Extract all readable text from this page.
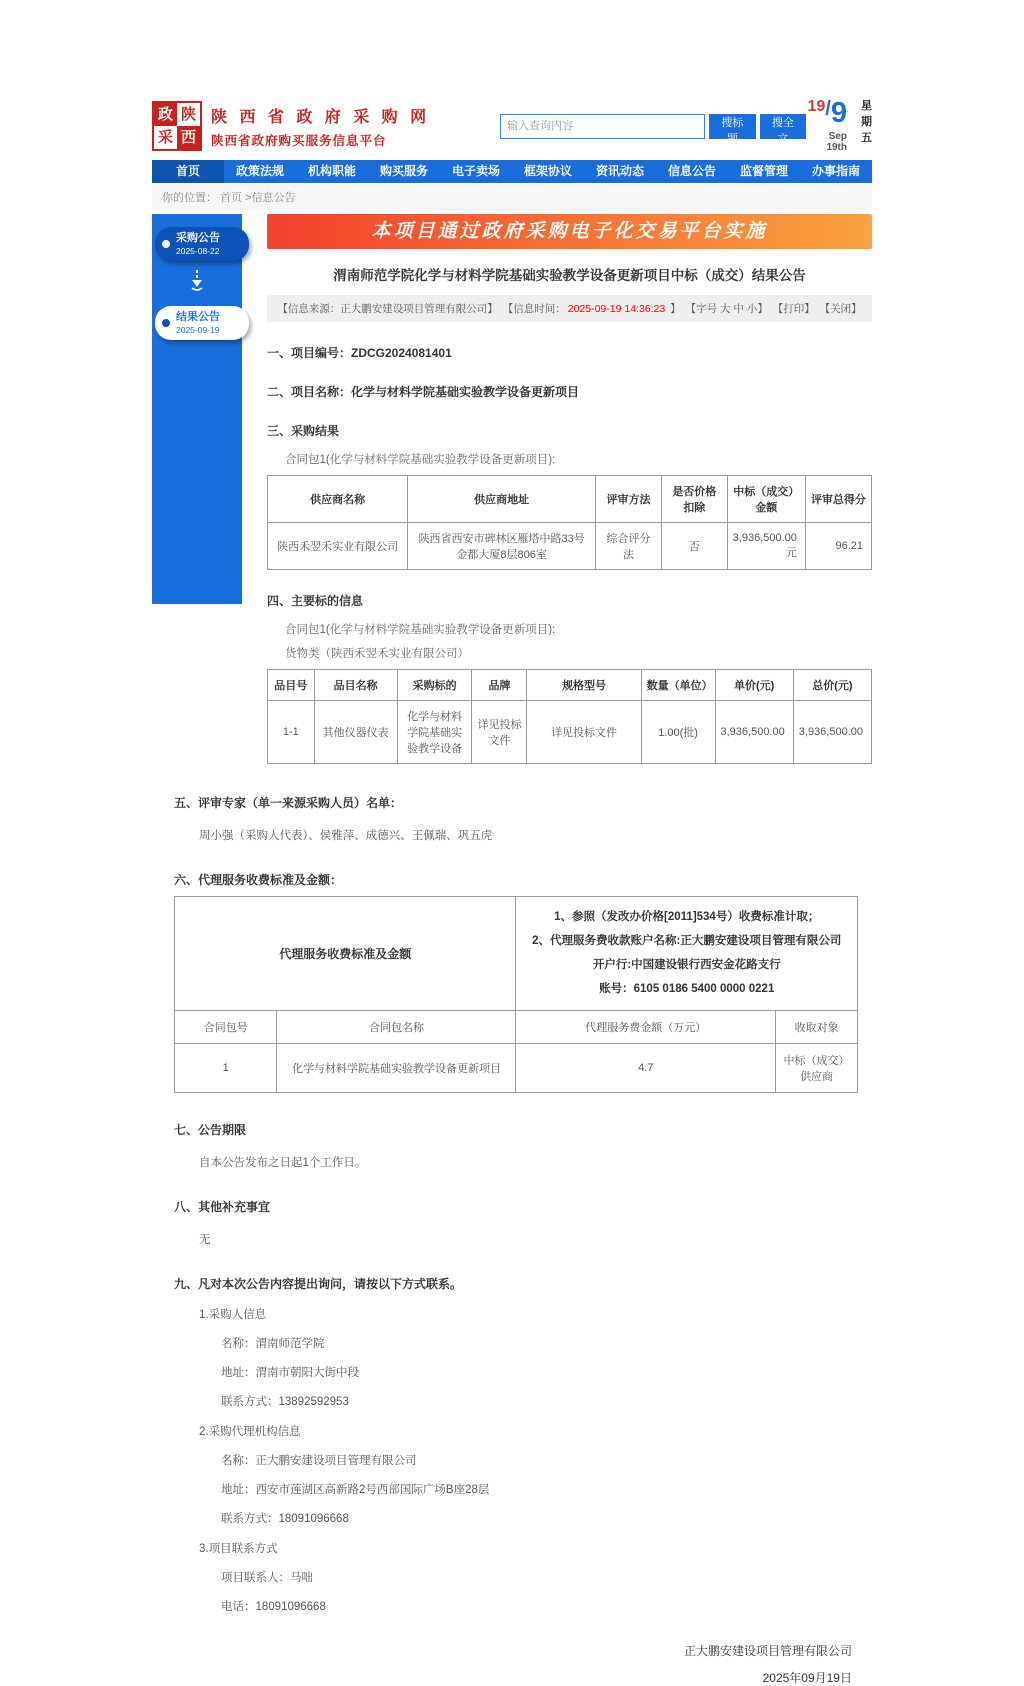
政 陕
采 西
陕 西 省 政 府 采 购 网
陕西省政府购买服务信息平台
输入查询内容
搜标题
搜全文
19/9
Sep 19th
星
期
五
首页	政策法规	机构职能	购买服务	电子卖场	框架协议	资讯动态	信息公告	监督管理	办事指南
你的位置： 首页 >信息公告
采购公告
2025-08-22
结果公告
2025-09-19
本项目通过政府采购电子化交易平台实施
渭南师范学院化学与材料学院基础实验教学设备更新项目中标（成交）结果公告
【信息来源：正大鹏安建设项目管理有限公司】 【信息时间： 2025-09-19 14:36:23 】 【字号 大 中 小】 【打印】 【关闭】
一、项目编号：ZDCG2024081401
二、项目名称：化学与材料学院基础实验教学设备更新项目
三、采购结果
合同包1(化学与材料学院基础实验教学设备更新项目):
供应商名称	供应商地址	评审方法	是否价格扣除	中标（成交）金额	评审总得分
陕西禾翌禾实业有限公司	陕西省西安市碑林区雁塔中路33号金都大厦8层806室	综合评分法	否	3,936,500.00元	96.21
四、主要标的信息
合同包1(化学与材料学院基础实验教学设备更新项目):
货物类（陕西禾翌禾实业有限公司）
品目号	品目名称	采购标的	品牌	规格型号	数量（单位）	单价(元)	总价(元)
1-1	其他仪器仪表	化学与材料学院基础实验教学设备	详见投标文件	详见投标文件	1.00(批)	3,936,500.00	3,936,500.00
五、评审专家（单一来源采购人员）名单：
周小强（采购人代表）、侯雅萍、成德兴、王佩瑞、巩五虎
六、代理服务收费标准及金额：
代理服务收费标准及金额		1、参照（发改办价格[2011]534号）收费标准计取；
2、代理服务费收款账户名称:正大鹏安建设项目管理有限公司
开户行:中国建设银行西安金花路支行
账号：6105 0186 5400 0000 0221	

合同包号	合同包名称	代理服务费金额（万元）	收取对象
1	化学与材料学院基础实验教学设备更新项目	4.7	中标（成交）供应商
七、公告期限
自本公告发布之日起1个工作日。
八、其他补充事宜
无
九、凡对本次公告内容提出询问，请按以下方式联系。
1.采购人信息
名称：渭南师范学院
地址：渭南市朝阳大街中段
联系方式：13892592953
2.采购代理机构信息
名称：正大鹏安建设项目管理有限公司
地址：西安市莲湖区高新路2号西部国际广场B座28层
联系方式：18091096668
3.项目联系方式
项目联系人：马咄
电话：18091096668
正大鹏安建设项目管理有限公司
2025年09月19日
